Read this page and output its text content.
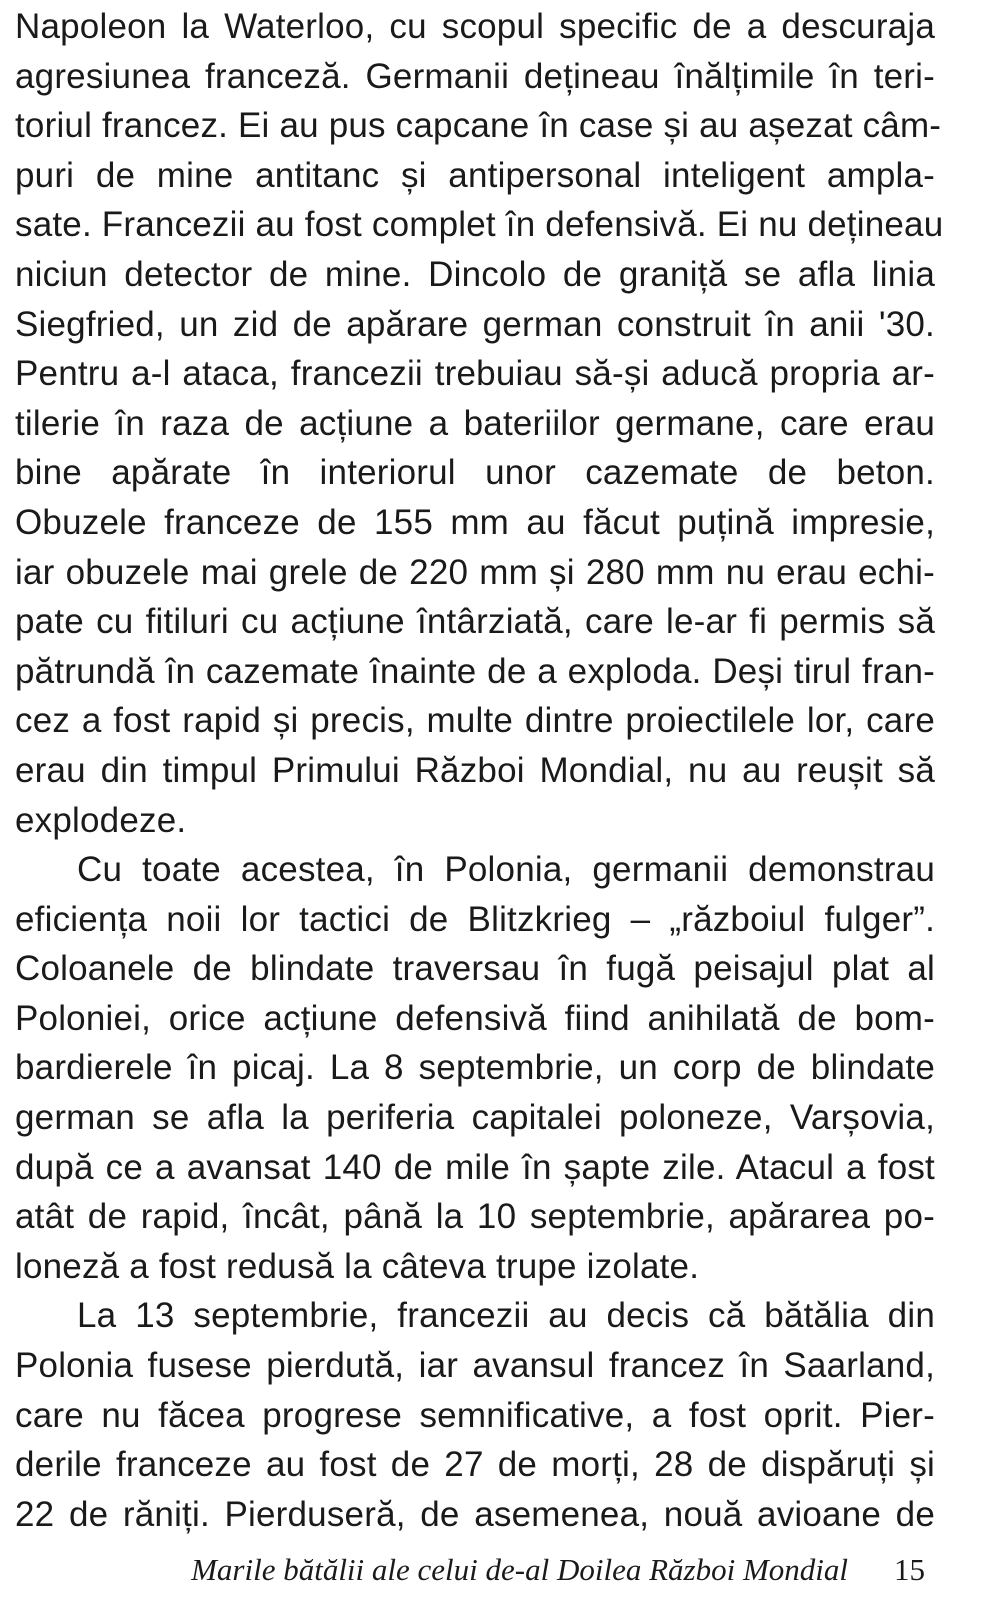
Napoleon la Waterloo, cu scopul specific de a descuraja
agresiunea franceză. Germanii dețineau înălțimile în teri-
toriul francez. Ei au pus capcane în case și au așezat câm-
puri de mine antitanc și antipersonal inteligent ampla-
sate. Francezii au fost complet în defensivă. Ei nu dețineau
niciun detector de mine. Dincolo de graniță se afla linia
Siegfried, un zid de apărare german construit în anii '30.
Pentru a-l ataca, francezii trebuiau să-și aducă propria ar-
tilerie în raza de acțiune a bateriilor germane, care erau
bine apărate în interiorul unor cazemate de beton.
Obuzele franceze de 155 mm au făcut puțină impresie,
iar obuzele mai grele de 220 mm și 280 mm nu erau echi-
pate cu fitiluri cu acțiune întârziată, care le-ar fi permis să
pătrundă în cazemate înainte de a exploda. Deși tirul fran-
cez a fost rapid și precis, multe dintre proiectilele lor, care
erau din timpul Primului Război Mondial, nu au reușit să
explodeze.
Cu toate acestea, în Polonia, germanii demonstrau
eficiența noii lor tactici de Blitzkrieg – „războiul fulger”.
Coloanele de blindate traversau în fugă peisajul plat al
Poloniei, orice acțiune defensivă fiind anihilată de bom-
bardierele în picaj. La 8 septembrie, un corp de blindate
german se afla la periferia capitalei poloneze, Varșovia,
după ce a avansat 140 de mile în șapte zile. Atacul a fost
atât de rapid, încât, până la 10 septembrie, apărarea po-
loneză a fost redusă la câteva trupe izolate.
La 13 septembrie, francezii au decis că bătălia din
Polonia fusese pierdută, iar avansul francez în Saarland,
care nu făcea progrese semnificative, a fost oprit. Pier-
derile franceze au fost de 27 de morți, 28 de dispăruți și
22 de răniți. Pierduseră, de asemenea, nouă avioane de
Marile bătălii ale celui de-al Doilea Război Mondial 15
